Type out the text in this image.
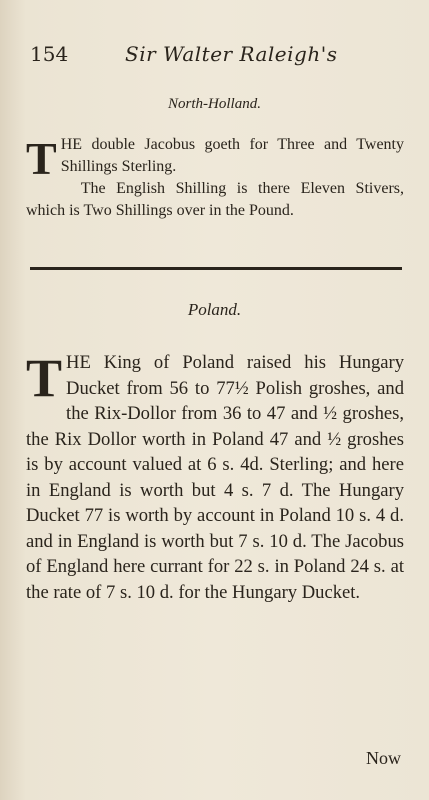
154	Sir Walter Raleigh's
North-Holland.
THE double Jacobus goeth for Three and Twenty Shillings Sterling.
The English Shilling is there Eleven Stivers, which is Two Shillings over in the Pound.
Poland.
THE King of Poland raised his Hungary Ducket from 56 to 77½ Polish groshes, and the Rix-Dollor from 36 to 47 and ½ groshes, the Rix Dollor worth in Poland 47 and ½ groshes is by account valued at 6 s. 4d. Sterling; and here in England is worth but 4 s. 7 d. The Hungary Ducket 77 is worth by account in Poland 10 s. 4 d. and in England is worth but 7 s. 10 d. The Jacobus of England here currant for 22 s. in Poland 24 s. at the rate of 7 s. 10 d. for the Hungary Ducket.
Now
